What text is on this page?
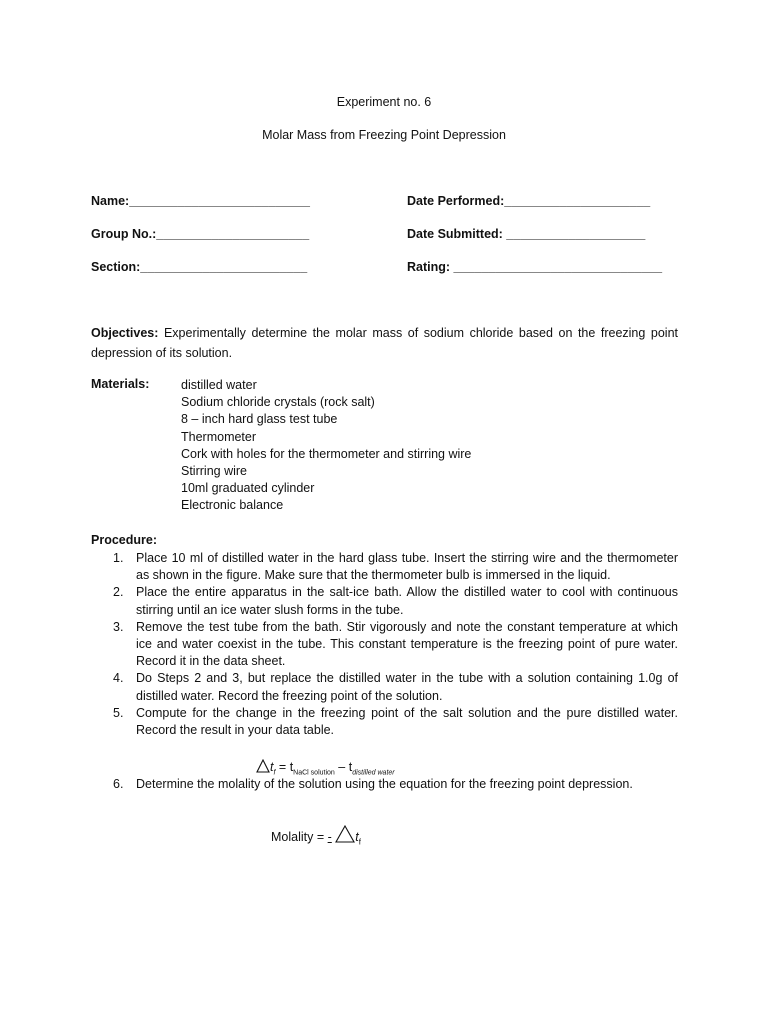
Experiment no. 6
Molar Mass from Freezing Point Depression
Name:__________________________
Group No.:______________________
Section:________________________
Date Performed:_____________________
Date Submitted: ____________________
Rating: ______________________________
Objectives: Experimentally determine the molar mass of sodium chloride based on the freezing point depression of its solution.
Materials:	distilled water
Sodium chloride crystals (rock salt)
8 – inch hard glass test tube
Thermometer
Cork with holes for the thermometer and stirring wire
Stirring wire
10ml graduated cylinder
Electronic balance
Procedure:
1. Place 10 ml of distilled water in the hard glass tube. Insert the stirring wire and the thermometer as shown in the figure. Make sure that the thermometer bulb is immersed in the liquid.
2. Place the entire apparatus in the salt-ice bath. Allow the distilled water to cool with continuous stirring until an ice water slush forms in the tube.
3. Remove the test tube from the bath. Stir vigorously and note the constant temperature at which ice and water coexist in the tube. This constant temperature is the freezing point of pure water. Record it in the data sheet.
4. Do Steps 2 and 3, but replace the distilled water in the tube with a solution containing 1.0g of distilled water. Record the freezing point of the solution.
5. Compute for the change in the freezing point of the salt solution and the pure distilled water. Record the result in your data table.
6. Determine the molality of the solution using the equation for the freezing point depression.
$t_f = t_{NaCl solution} - t_{distilled water}$
Molality = - $t_f$
